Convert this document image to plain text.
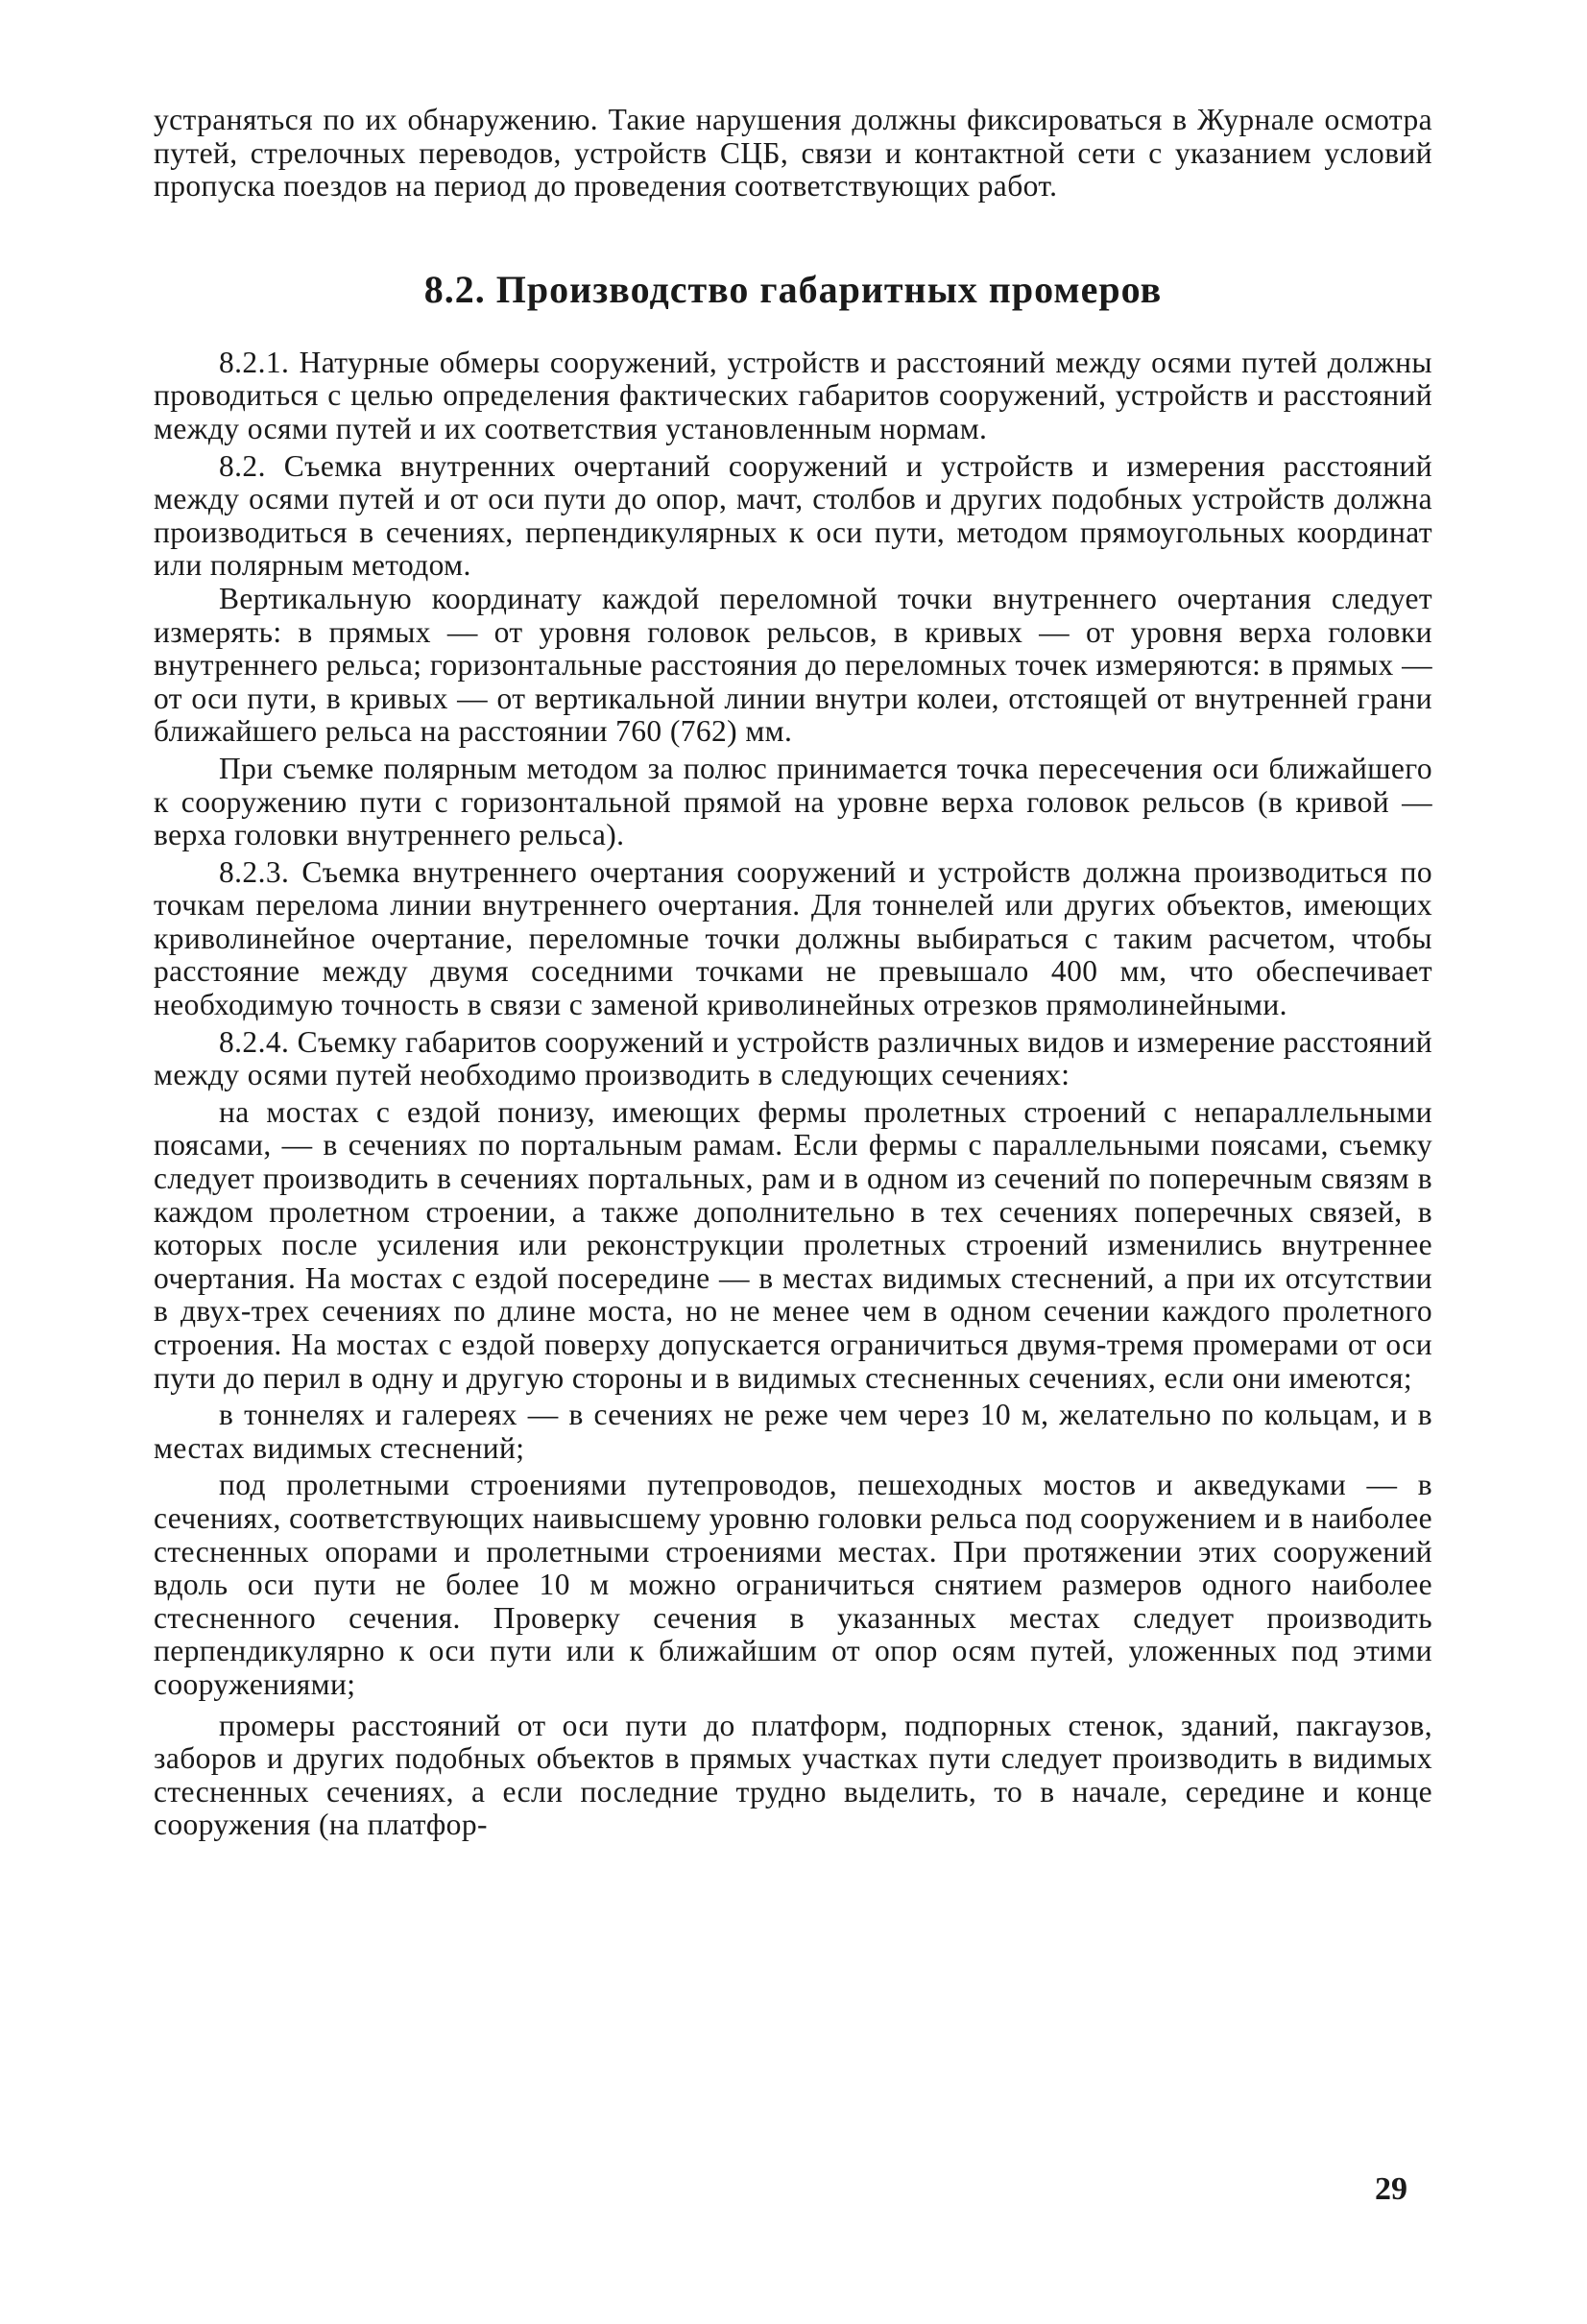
устраняться по их обнаружению. Такие нарушения должны фиксироваться в Журнале осмотра путей, стрелочных переводов, устройств СЦБ, связи и контактной сети с указанием условий пропуска поездов на период до проведения соответствующих работ.

8.2. Производство габаритных промеров

8.2.1. Натурные обмеры сооружений, устройств и расстояний между осями путей должны проводиться с целью определения фактических габаритов сооружений, устройств и расстояний между осями путей и их соответствия установленным нормам.

8.2. Съемка внутренних очертаний сооружений и устройств и измерения расстояний между осями путей и от оси пути до опор, мачт, столбов и других подобных устройств должна производиться в сечениях, перпендикулярных к оси пути, методом прямоугольных координат или полярным методом.

Вертикальную координату каждой переломной точки внутреннего очертания следует измерять: в прямых — от уровня головок рельсов, в кривых — от уровня верха головки внутреннего рельса; горизонтальные расстояния до переломных точек измеряются: в прямых — от оси пути, в кривых — от вертикальной линии внутри колеи, отстоящей от внутренней грани ближайшего рельса на расстоянии 760 (762) мм.

При съемке полярным методом за полюс принимается точка пересечения оси ближайшего к сооружению пути с горизонтальной прямой на уровне верха головок рельсов (в кривой — верха головки внутреннего рельса).

8.2.3. Съемка внутреннего очертания сооружений и устройств должна производиться по точкам перелома линии внутреннего очертания. Для тоннелей или других объектов, имеющих криволинейное очертание, переломные точки должны выбираться с таким расчетом, чтобы расстояние между двумя соседними точками не превышало 400 мм, что обеспечивает необходимую точность в связи с заменой криволинейных отрезков прямолинейными.

8.2.4. Съемку габаритов сооружений и устройств различных видов и измерение расстояний между осями путей необходимо производить в следующих сечениях:

на мостах с ездой понизу, имеющих фермы пролетных строений с непараллельными поясами, — в сечениях по портальным рамам. Если фермы с параллельными поясами, съемку следует производить в сечениях портальных, рам и в одном из сечений по поперечным связям в каждом пролетном строении, а также дополнительно в тех сечениях поперечных связей, в которых после усиления или реконструкции пролетных строений изменились внутреннее очертания. На мостах с ездой посередине — в местах видимых стеснений, а при их отсутствии в двух-трех сечениях по длине моста, но не менее чем в одном сечении каждого пролетного строения. На мостах с ездой поверху допускается ограничиться двумя-тремя промерами от оси пути до перил в одну и другую стороны и в видимых стесненных сечениях, если они имеются;

в тоннелях и галереях — в сечениях не реже чем через 10 м, желательно по кольцам, и в местах видимых стеснений;

под пролетными строениями путепроводов, пешеходных мостов и акведуками — в сечениях, соответствующих наивысшему уровню головки рельса под сооружением и в наиболее стесненных опорами и пролетными строениями местах. При протяжении этих сооружений вдоль оси пути не более 10 м можно ограничиться снятием размеров одного наиболее стесненного сечения. Проверку сечения в указанных местах следует производить перпендикулярно к оси пути или к ближайшим от опор осям путей, уложенных под этими сооружениями;

промеры расстояний от оси пути до платформ, подпорных стенок, зданий, пакгаузов, заборов и других подобных объектов в прямых участках пути следует производить в видимых стесненных сечениях, а если последние трудно выделить, то в начале, середине и конце сооружения (на платфор-

29
